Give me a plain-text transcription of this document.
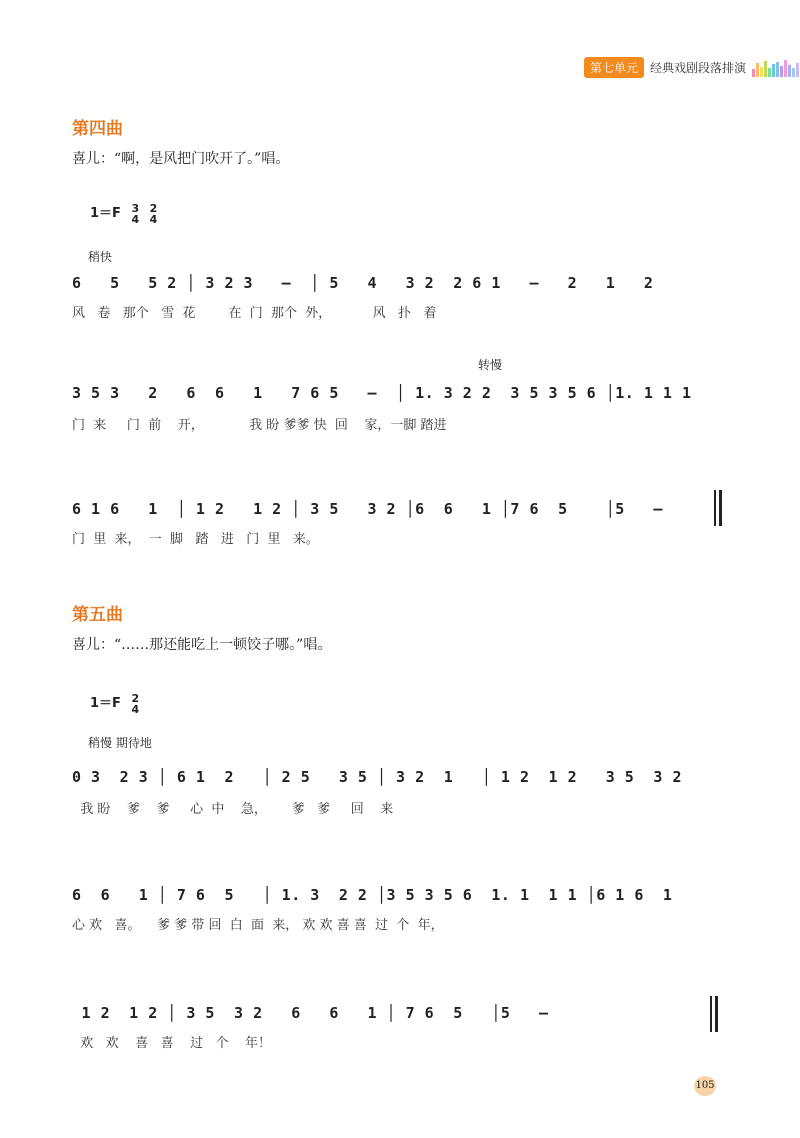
第七单元	经典戏剧段落排演
第四曲
喜儿：“啊，是风把门吹开了。”唱。
1＝F 3
4 2
4
稍快
6   5   5 2 │ 3 2 3   –  │ 5   4   3 2  2 6 1   –   2   1   2
风   卷   那个   雪  花        在  门  那个  外，          风   扑   着
转慢
3 5 3   2   6  6   1   7 6 5   –  │ 1. 3 2 2  3 5 3 5 6 │1. 1 1 1
门  来     门  前    开，           我 盼 爹爹 快  回    家，一脚 踏进
6 1 6   1  │ 1 2   1 2 │ 3 5   3 2 │6  6   1 │7 6  5    │5   –
门  里  来，  一  脚   踏   进   门  里   来。
第五曲
喜儿：“……那还能吃上一顿饺子哪。”唱。
1＝F 2
4
稍慢 期待地
0 3  2 3 │ 6 1  2   │ 2 5   3 5 │ 3 2  1   │ 1 2  1 2   3 5  3 2
我 盼    爹    爹     心  中    急，      爹   爹     回    来
6  6   1 │ 7 6  5   │ 1. 3  2 2 │3 5 3 5 6  1. 1  1 1 │6 1 6  1
心 欢   喜。    爹 爹 带 回  白  面  来， 欢 欢 喜 喜  过  个  年，
1 2  1 2 │ 3 5  3 2   6   6   1 │ 7 6  5   │5   –
欢   欢    喜   喜    过   个    年！
105
